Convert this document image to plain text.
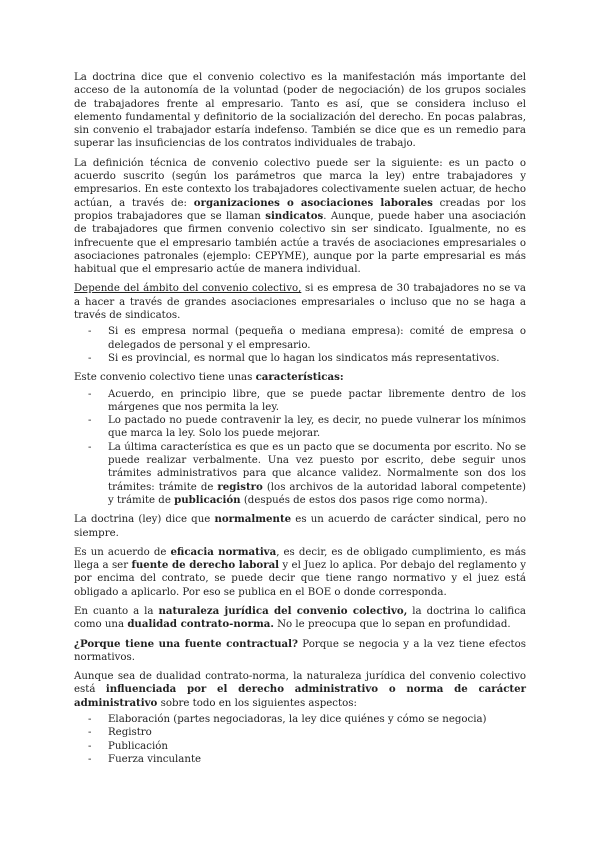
La doctrina dice que el convenio colectivo es la manifestación más importante del acceso de la autonomía de la voluntad (poder de negociación) de los grupos sociales de trabajadores frente al empresario. Tanto es así, que se considera incluso el elemento fundamental y definitorio de la socialización del derecho. En pocas palabras, sin convenio el trabajador estaría indefenso. También se dice que es un remedio para superar las insuficiencias de los contratos individuales de trabajo.

La definición técnica de convenio colectivo puede ser la siguiente: es un pacto o acuerdo suscrito (según los parámetros que marca la ley) entre trabajadores y empresarios. En este contexto los trabajadores colectivamente suelen actuar, de hecho actúan, a través de: organizaciones o asociaciones laborales creadas por los propios trabajadores que se llaman sindicatos. Aunque, puede haber una asociación de trabajadores que firmen convenio colectivo sin ser sindicato. Igualmente, no es infrecuente que el empresario también actúe a través de asociaciones empresariales o asociaciones patronales (ejemplo: CEPYME), aunque por la parte empresarial es más habitual que el empresario actúe de manera individual.

Depende del ámbito del convenio colectivo, si es empresa de 30 trabajadores no se va a hacer a través de grandes asociaciones empresariales o incluso que no se haga a través de sindicatos.

- Si es empresa normal (pequeña o mediana empresa): comité de empresa o delegados de personal y el empresario.
- Si es provincial, es normal que lo hagan los sindicatos más representativos.

Este convenio colectivo tiene unas características:

- Acuerdo, en principio libre, que se puede pactar libremente dentro de los márgenes que nos permita la ley.
- Lo pactado no puede contravenir la ley, es decir, no puede vulnerar los mínimos que marca la ley. Solo los puede mejorar.
- La última característica es que es un pacto que se documenta por escrito. No se puede realizar verbalmente. Una vez puesto por escrito, debe seguir unos trámites administrativos para que alcance validez. Normalmente son dos los trámites: trámite de registro (los archivos de la autoridad laboral competente) y trámite de publicación (después de estos dos pasos rige como norma).

La doctrina (ley) dice que normalmente es un acuerdo de carácter sindical, pero no siempre.

Es un acuerdo de eficacia normativa, es decir, es de obligado cumplimiento, es más llega a ser fuente de derecho laboral y el Juez lo aplica. Por debajo del reglamento y por encima del contrato, se puede decir que tiene rango normativo y el juez está obligado a aplicarlo. Por eso se publica en el BOE o donde corresponda.

En cuanto a la naturaleza jurídica del convenio colectivo, la doctrina lo califica como una dualidad contrato-norma. No le preocupa que lo sepan en profundidad.

¿Porque tiene una fuente contractual? Porque se negocia y a la vez tiene efectos normativos.

Aunque sea de dualidad contrato-norma, la naturaleza jurídica del convenio colectivo está influenciada por el derecho administrativo o norma de carácter administrativo sobre todo en los siguientes aspectos:

- Elaboración (partes negociadoras, la ley dice quiénes y cómo se negocia)
- Registro
- Publicación
- Fuerza vinculante
